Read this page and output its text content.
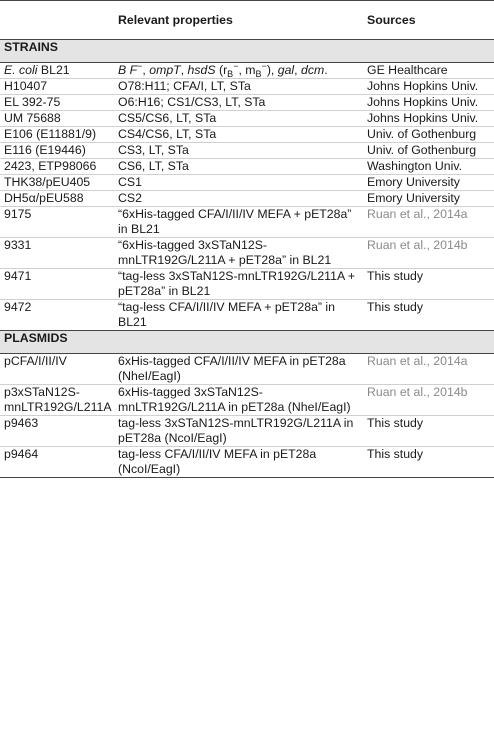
	Relevant properties	Sources
STRAINS		
E. coli BL21	B F−, ompT, hsdS ($r_B^-$, $m_B^-$), gal, dcm.	GE Healthcare
H10407	O78:H11; CFA/I, LT, STa	Johns Hopkins Univ.
EL 392-75	O6:H16; CS1/CS3, LT, STa	Johns Hopkins Univ.
UM 75688	CS5/CS6, LT, STa	Johns Hopkins Univ.
E106 (E11881/9)	CS4/CS6, LT, STa	Univ. of Gothenburg
E116 (E19446)	CS3, LT, STa	Univ. of Gothenburg
2423, ETP98066	CS6, LT, STa	Washington Univ.
THK38/pEU405	CS1	Emory University
DH5α/pEU588	CS2	Emory University
9175	“6xHis-tagged CFA/I/II/IV MEFA + pET28a” in BL21	Ruan et al., 2014a
9331	“6xHis-tagged 3xSTaN12S-mnLTR192G/L211A + pET28a” in BL21	Ruan et al., 2014b
9471	“tag-less 3xSTaN12S-mnLTR192G/L211A + pET28a” in BL21	This study
9472	“tag-less CFA/I/II/IV MEFA + pET28a” in BL21	This study
PLASMIDS		
pCFA/I/II/IV	6xHis-tagged CFA/I/II/IV MEFA in pET28a (NheI/EagI)	Ruan et al., 2014a
p3xSTaN12S-mnLTR192G/L211A	6xHis-tagged 3xSTaN12S-mnLTR192G/L211A in pET28a (NheI/EagI)	Ruan et al., 2014b
p9463	tag-less 3xSTaN12S-mnLTR192G/L211A in pET28a (NcoI/EagI)	This study
p9464	tag-less CFA/I/II/IV MEFA in pET28a (NcoI/EagI)	This study
